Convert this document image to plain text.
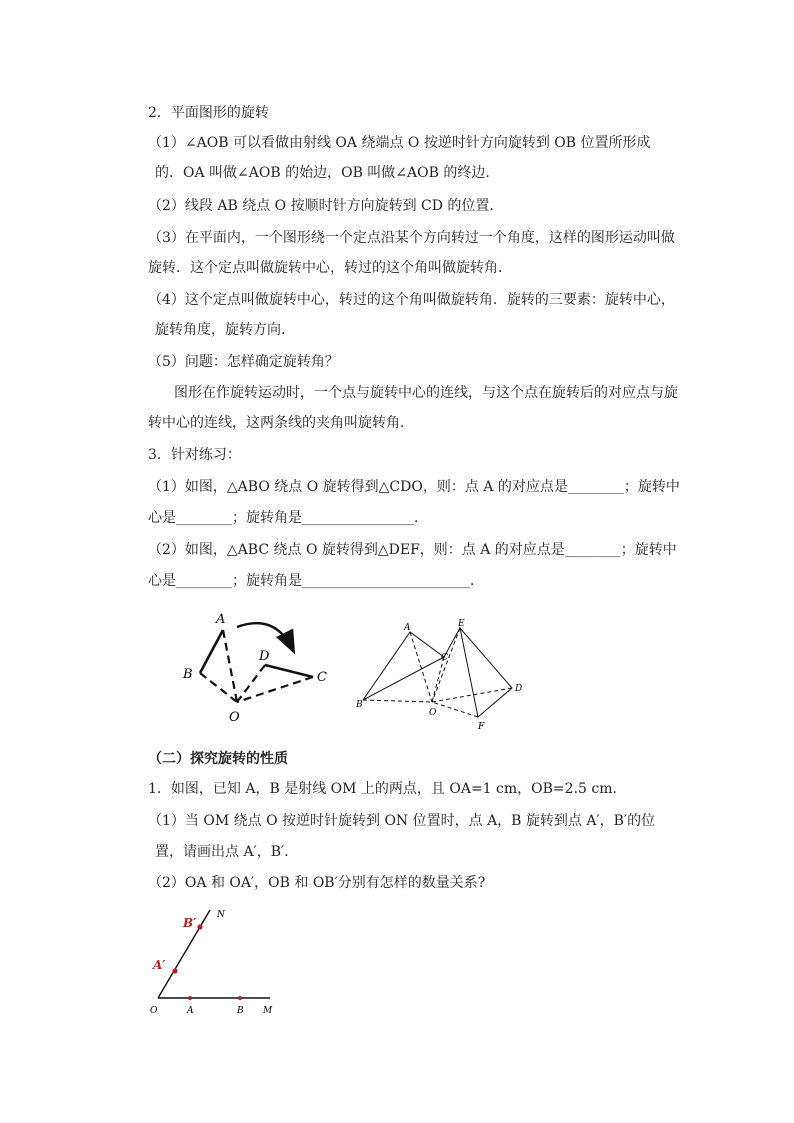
2．平面图形的旋转
（1）∠AOB 可以看做由射线 OA 绕端点 O 按逆时针方向旋转到 OB 位置所形成
的．OA 叫做∠AOB 的始边，OB 叫做∠AOB 的终边．
（2）线段 AB 绕点 O 按顺时针方向旋转到 CD 的位置．
（3）在平面内，一个图形绕一个定点沿某个方向转过一个角度，这样的图形运动叫做
旋转．这个定点叫做旋转中心，转过的这个角叫做旋转角．
（4）这个定点叫做旋转中心，转过的这个角叫做旋转角．旋转的三要素：旋转中心，
旋转角度，旋转方向．
（5）问题：怎样确定旋转角？
图形在作旋转运动时，一个点与旋转中心的连线，与这个点在旋转后的对应点与旋
转中心的连线，这两条线的夹角叫旋转角．
3．针对练习：
（1）如图，△ABO 绕点 O 旋转得到△CDO，则：点 A 的对应点是________；旋转中
心是________；旋转角是________________．
（2）如图，△ABC 绕点 O 旋转得到△DEF，则：点 A 的对应点是________；旋转中
心是________；旋转角是________________________．
A
B
D
C
O
A
B
C
E
D
F
O
（二）探究旋转的性质
1．如图，已知 A，B 是射线 OM 上的两点，且 OA=1 cm，OB=2.5 cm．
（1）当 OM 绕点 O 按逆时针旋转到 ON 位置时，点 A，B 旋转到点 A′，B′的位
置，请画出点 A′，B′．
（2）OA 和 OA′，OB 和 OB′分别有怎样的数量关系?
O	A	B M
N
A′
B′
